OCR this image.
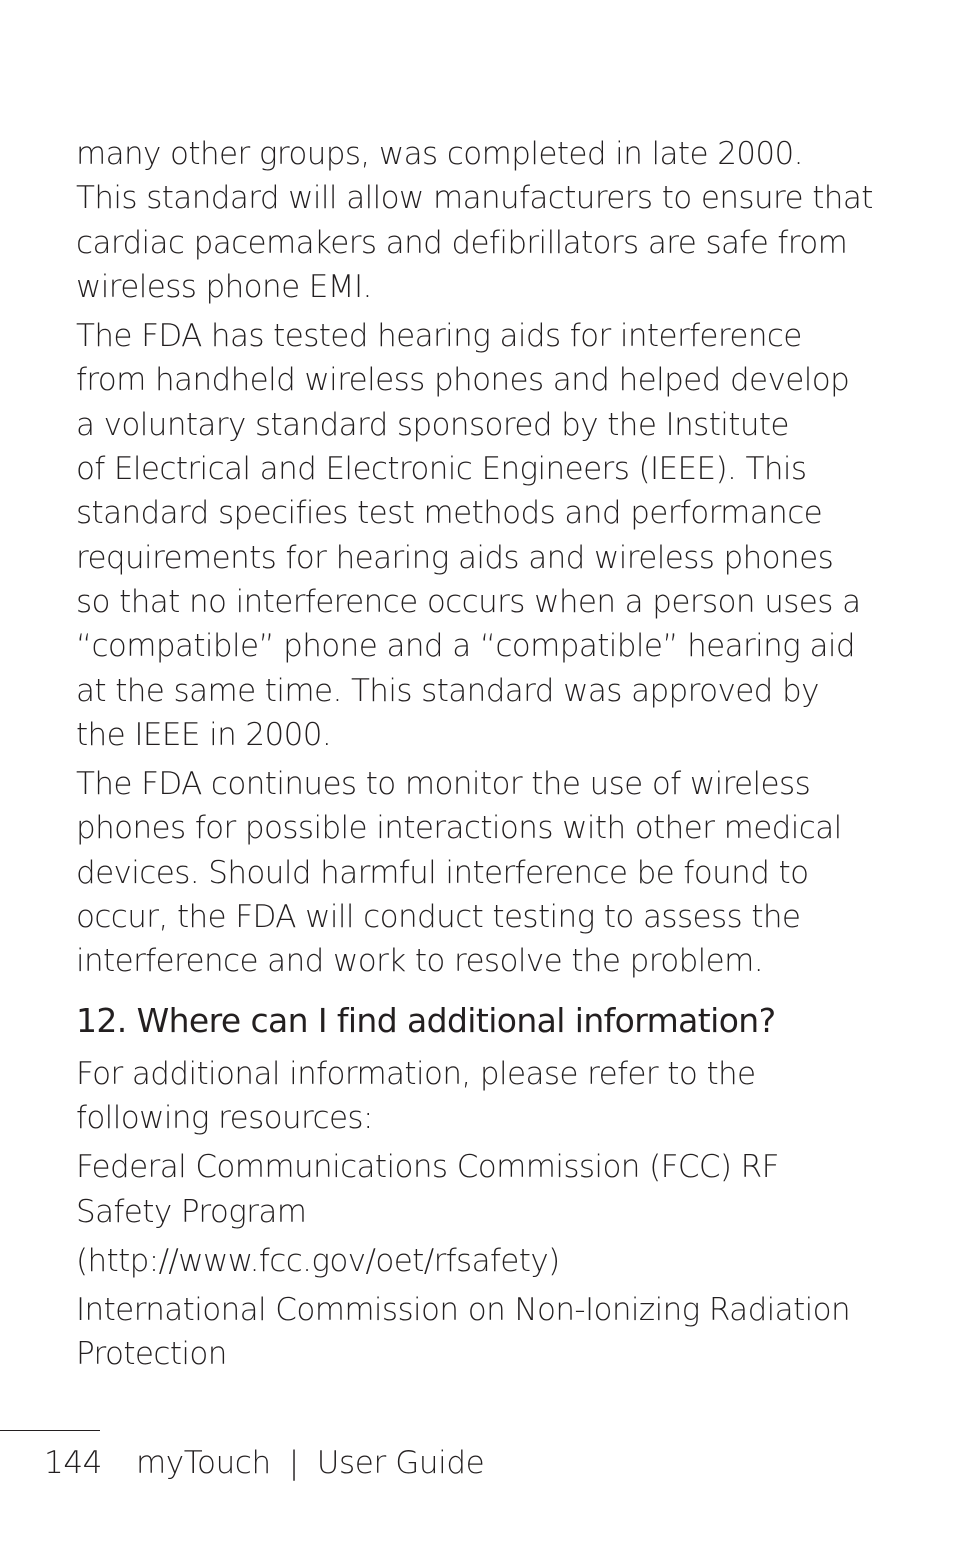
many other groups, was completed in late 2000.
This standard will allow manufacturers to ensure that
cardiac pacemakers and defibrillators are safe from
wireless phone EMI.

The FDA has tested hearing aids for interference
from handheld wireless phones and helped develop
a voluntary standard sponsored by the Institute
of Electrical and Electronic Engineers (IEEE). This
standard specifies test methods and performance
requirements for hearing aids and wireless phones
so that no interference occurs when a person uses a
“compatible” phone and a “compatible” hearing aid
at the same time. This standard was approved by
the IEEE in 2000.

The FDA continues to monitor the use of wireless
phones for possible interactions with other medical
devices. Should harmful interference be found to
occur, the FDA will conduct testing to assess the
interference and work to resolve the problem.

12. Where can I find additional information?

For additional information, please refer to the
following resources:

Federal Communications Commission (FCC) RF
Safety Program

(http://www.fcc.gov/oet/rfsafety)

International Commission on Non-Ionizing Radiation
Protection

144 myTouch | User Guide
